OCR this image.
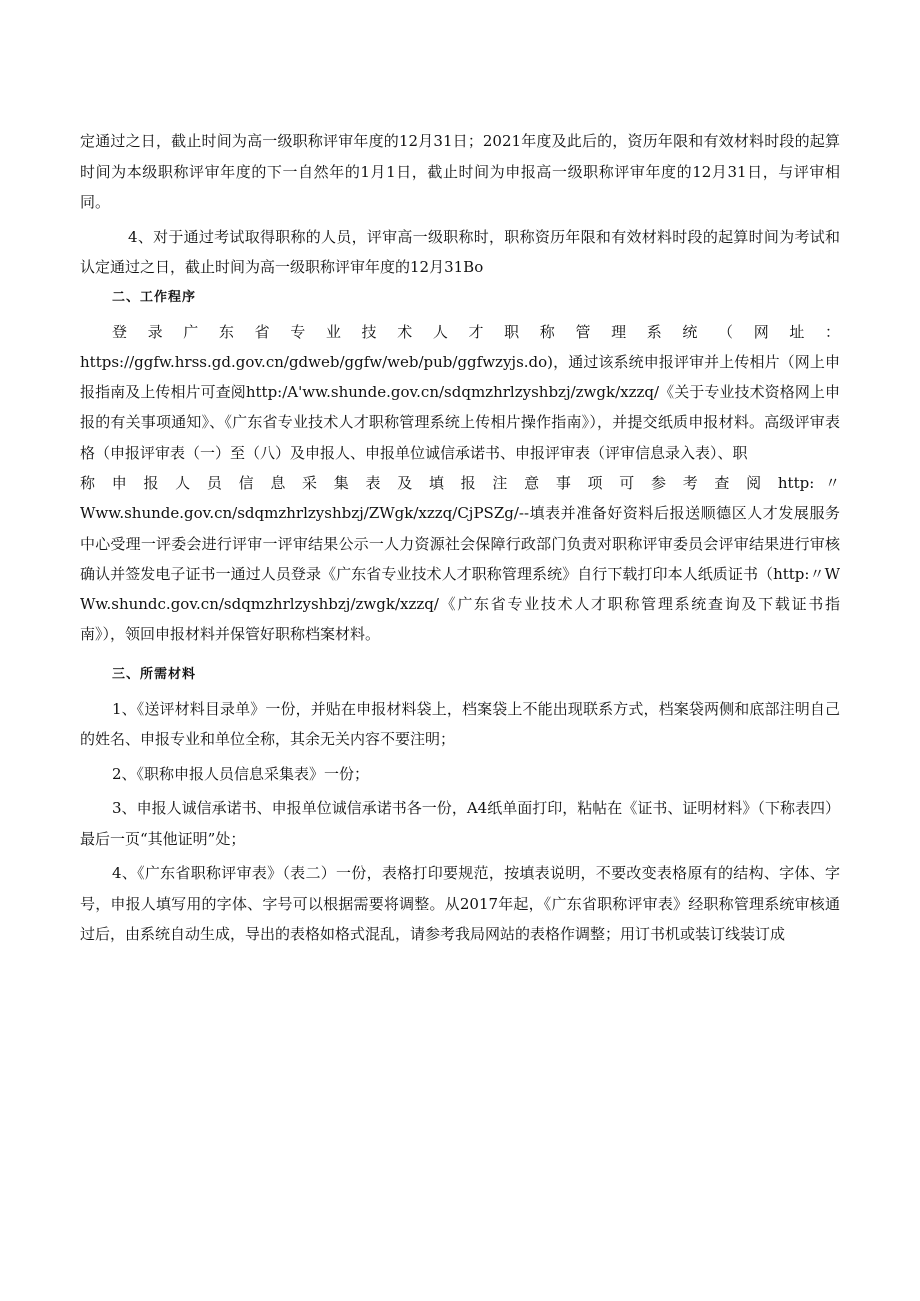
定通过之日，截止时间为高一级职称评审年度的12月31日；2021年度及此后的，资历年限和有效材料时段的起算时间为本级职称评审年度的下一自然年的1月1日，截止时间为申报高一级职称评审年度的12月31日，与评审相同。

4、对于通过考试取得职称的人员，评审高一级职称时，职称资历年限和有效材料时段的起算时间为考试和认定通过之日，截止时间为高一级职称评审年度的12月31Bo

二、工作程序

登 录 广 东 省 专 业 技 术 人 才 职 称 管 理 系 统 （ 网 址 ：

https://ggfw.hrss.gd.gov.cn/gdweb/ggfw/web/pub/ggfwzyjs.do)，通过该系统申报评审并上传相片（网上申报指南及上传相片可查阅http:/A'ww.shunde.gov.cn/sdqmzhrlzyshbzj/zwgk/xzzq/《关于专业技术资格网上申报的有关事项通知》、《广东省专业技术人才职称管理系统上传相片操作指南》），并提交纸质申报材料。高级评审表格（申报评审表（一）至（八）及申报人、申报单位诚信承诺书、申报评审表（评审信息录入表）、职

称 申 报 人 员 信 息 采 集 表 及 填 报 注 意 事 项 可 参 考 查 阅 http: 〃

Www.shunde.gov.cn/sdqmzhrlzyshbzj/ZWgk/xzzq/CjPSZg/--填表并准备好资料后报送顺德区人才发展服务中心受理一评委会进行评审一评审结果公示一人力资源社会保障行政部门负责对职称评审委员会评审结果进行审核确认并签发电子证书一通过人员登录《广东省专业技术人才职称管理系统》自行下载打印本人纸质证书（http:〃WWw.shundc.gov.cn/sdqmzhrlzyshbzj/zwgk/xzzq/《广东省专业技术人才职称管理系统查询及下载证书指南》），领回申报材料并保管好职称档案材料。

三、所需材料

1、《送评材料目录单》一份，并贴在申报材料袋上，档案袋上不能出现联系方式，档案袋两侧和底部注明自己的姓名、申报专业和单位全称，其余无关内容不要注明；

2、《职称申报人员信息采集表》一份；

3、申报人诚信承诺书、申报单位诚信承诺书各一份，A4纸单面打印，粘帖在《证书、证明材料》（下称表四）最后一页“其他证明”处；

4、《广东省职称评审表》（表二）一份，表格打印要规范，按填表说明，不要改变表格原有的结构、字体、字号，申报人填写用的字体、字号可以根据需要将调整。从2017年起，《广东省职称评审表》经职称管理系统审核通过后，由系统自动生成，导出的表格如格式混乱，请参考我局网站的表格作调整；用订书机或装订线装订成
